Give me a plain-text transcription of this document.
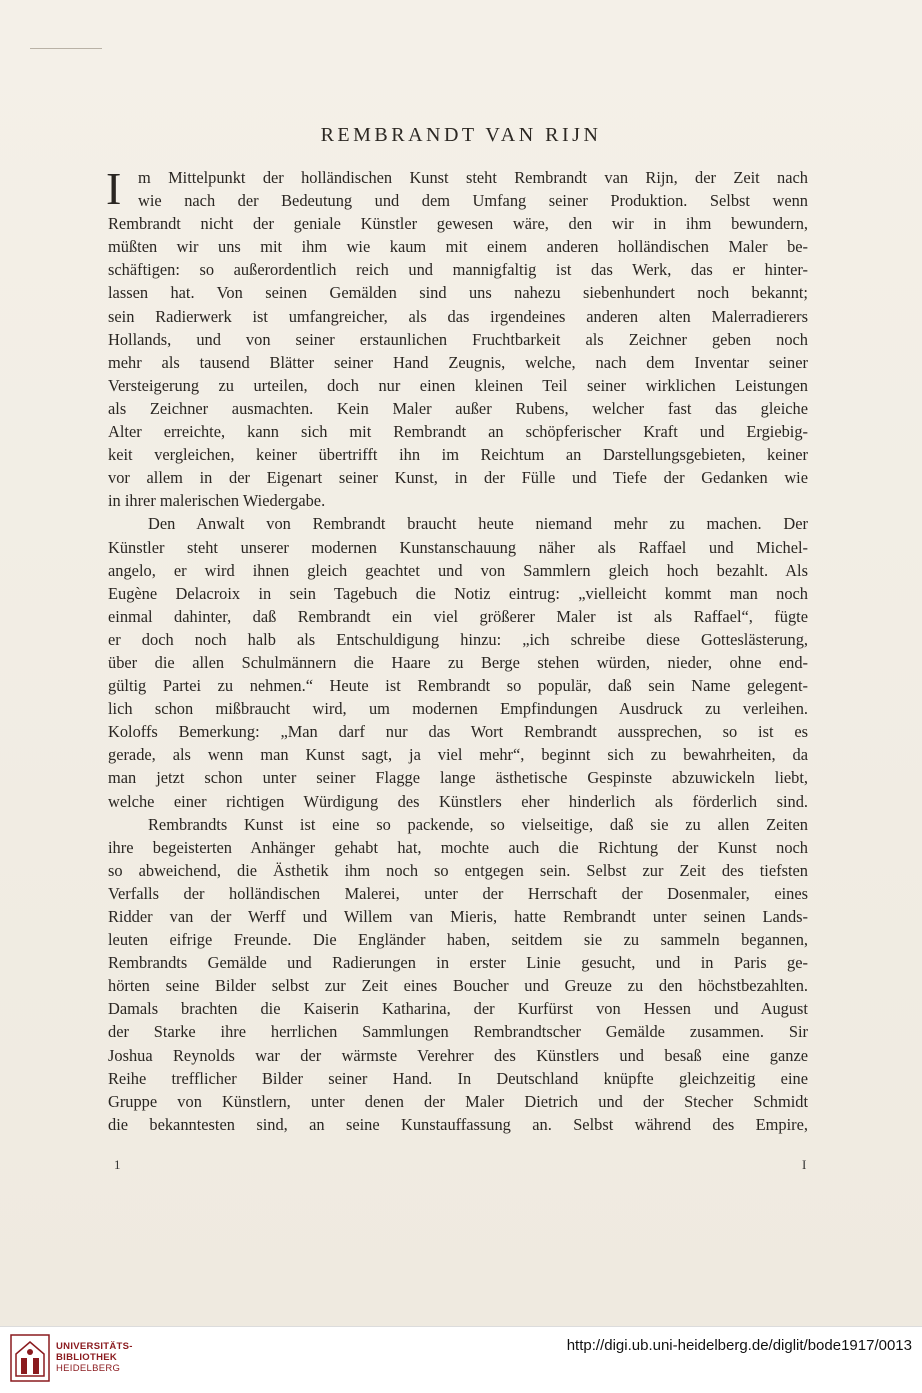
REMBRANDT VAN RIJN
I	m Mittelpunkt der holländischen Kunst steht Rembrandt van Rijn, der Zeit nach
wie nach der Bedeutung und dem Umfang seiner Produktion. Selbst wenn
Rembrandt nicht der geniale Künstler gewesen wäre, den wir in ihm bewundern,
müßten wir uns mit ihm wie kaum mit einem anderen holländischen Maler be-
schäftigen: so außerordentlich reich und mannigfaltig ist das Werk, das er hinter-
lassen hat. Von seinen Gemälden sind uns nahezu siebenhundert noch bekannt;
sein Radierwerk ist umfangreicher, als das irgendeines anderen alten Malerradierers
Hollands, und von seiner erstaunlichen Fruchtbarkeit als Zeichner geben noch
mehr als tausend Blätter seiner Hand Zeugnis, welche, nach dem Inventar seiner
Versteigerung zu urteilen, doch nur einen kleinen Teil seiner wirklichen Leistungen
als Zeichner ausmachten. Kein Maler außer Rubens, welcher fast das gleiche
Alter erreichte, kann sich mit Rembrandt an schöpferischer Kraft und Ergiebig-
keit vergleichen, keiner übertrifft ihn im Reichtum an Darstellungsgebieten, keiner
vor allem in der Eigenart seiner Kunst, in der Fülle und Tiefe der Gedanken wie
in ihrer malerischen Wiedergabe.
Den Anwalt von Rembrandt braucht heute niemand mehr zu machen. Der
Künstler steht unserer modernen Kunstanschauung näher als Raffael und Michel-
angelo, er wird ihnen gleich geachtet und von Sammlern gleich hoch bezahlt. Als
Eugène Delacroix in sein Tagebuch die Notiz eintrug: „vielleicht kommt man noch
einmal dahinter, daß Rembrandt ein viel größerer Maler ist als Raffael“, fügte
er doch noch halb als Entschuldigung hinzu: „ich schreibe diese Gotteslästerung,
über die allen Schulmännern die Haare zu Berge stehen würden, nieder, ohne end-
gültig Partei zu nehmen.“ Heute ist Rembrandt so populär, daß sein Name gelegent-
lich schon mißbraucht wird, um modernen Empfindungen Ausdruck zu verleihen.
Koloffs Bemerkung: „Man darf nur das Wort Rembrandt aussprechen, so ist es
gerade, als wenn man Kunst sagt, ja viel mehr“, beginnt sich zu bewahrheiten, da
man jetzt schon unter seiner Flagge lange ästhetische Gespinste abzuwickeln liebt,
welche einer richtigen Würdigung des Künstlers eher hinderlich als förderlich sind.
Rembrandts Kunst ist eine so packende, so vielseitige, daß sie zu allen Zeiten
ihre begeisterten Anhänger gehabt hat, mochte auch die Richtung der Kunst noch
so abweichend, die Ästhetik ihm noch so entgegen sein. Selbst zur Zeit des tiefsten
Verfalls der holländischen Malerei, unter der Herrschaft der Dosenmaler, eines
Ridder van der Werff und Willem van Mieris, hatte Rembrandt unter seinen Lands-
leuten eifrige Freunde. Die Engländer haben, seitdem sie zu sammeln begannen,
Rembrandts Gemälde und Radierungen in erster Linie gesucht, und in Paris ge-
hörten seine Bilder selbst zur Zeit eines Boucher und Greuze zu den höchstbezahlten.
Damals brachten die Kaiserin Katharina, der Kurfürst von Hessen und August
der Starke ihre herrlichen Sammlungen Rembrandtscher Gemälde zusammen. Sir
Joshua Reynolds war der wärmste Verehrer des Künstlers und besaß eine ganze
Reihe trefflicher Bilder seiner Hand. In Deutschland knüpfte gleichzeitig eine
Gruppe von Künstlern, unter denen der Maler Dietrich und der Stecher Schmidt
die bekanntesten sind, an seine Kunstauffassung an. Selbst während des Empire,
1	I
UNIVERSITÄTS-
BIBLIOTHEK
HEIDELBERG
http://digi.ub.uni-heidelberg.de/diglit/bode1917/0013
